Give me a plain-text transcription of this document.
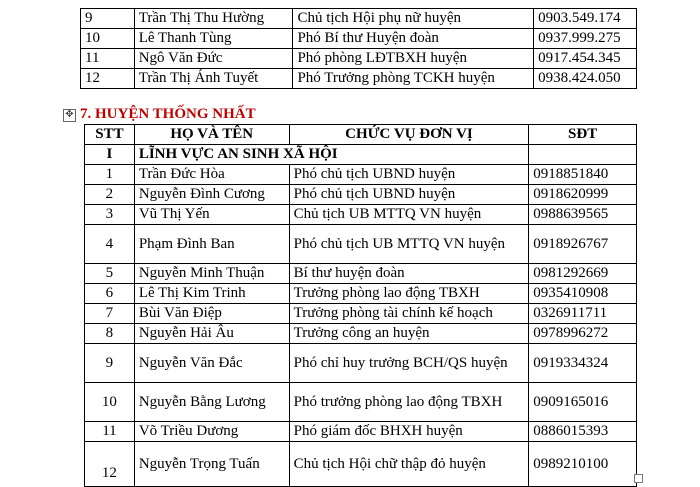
9	Trần Thị Thu Hường	Chủ tịch Hội phụ nữ huyện	0903.549.174
10	Lê Thanh Tùng	Phó Bí thư Huyện đoàn	0937.999.275
11	Ngô Văn Đức	Phó phòng LĐTBXH huyện	0917.454.345
12	Trần Thị Ánh Tuyết	Phó Trưởng phòng TCKH huyện	0938.424.050
✥ 7. HUYỆN THỐNG NHẤT
STT	HỌ VÀ TÊN	CHỨC VỤ ĐƠN VỊ	SĐT
I	LĨNH VỰC AN SINH XÃ HỘI		
1	Trần Đức Hòa	Phó chủ tịch UBND huyện	0918851840
2	Nguyễn Đình Cương	Phó chủ tịch UBND huyện	0918620999
3	Vũ Thị Yến	Chủ tịch UB MTTQ VN huyện	0988639565
4	Phạm Đình Ban	Phó chủ tịch UB MTTQ VN huyện	0918926767
5	Nguyễn Minh Thuận	Bí thư huyện đoàn	0981292669
6	Lê Thị Kim Trinh	Trưởng phòng lao động TBXH	0935410908
7	Bùi Văn Điệp	Trưởng phòng tài chính kế hoạch	0326911711
8	Nguyễn Hải Âu	Trưởng công an huyện	0978996272
9	Nguyễn Văn Đắc	Phó chỉ huy trưởng BCH/QS huyện	0919334324
10	Nguyễn Bằng Lương	Phó trưởng phòng lao động TBXH	0909165016
11	Võ Triều Dương	Phó giám đốc BHXH huyện	0886015393
12	Nguyễn Trọng Tuấn	Chủ tịch Hội chữ thập đỏ huyện	0989210100
